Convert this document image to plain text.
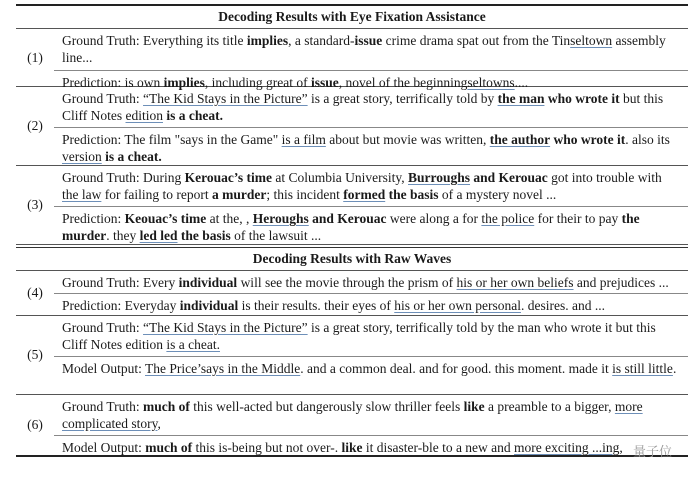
Decoding Results with Eye Fixation Assistance
(1)
Ground Truth: Everything its title implies, a standard-issue crime drama spat out from the Tinseltown assembly line...
Prediction: is own implies, including great of issue, novel of the beginningseltowns....
(2)
Ground Truth: “The Kid Stays in the Picture” is a great story, terrifically told by the man who wrote it but this Cliff Notes edition is a cheat.
Prediction: The film "says in the Game" is a film about but movie was written, the author who wrote it. also its version is a cheat.
(3)
Ground Truth: During Kerouac’s time at Columbia University, Burroughs and Kerouac got into trouble with the law for failing to report a murder; this incident formed the basis of a mystery novel ...
Prediction: Keouac’s time at the, , Heroughs and Kerouac were along a for the police for their to pay the murder. they led led the basis of the lawsuit ...
Decoding Results with Raw Waves
(4)
Ground Truth: Every individual will see the movie through the prism of his or her own beliefs and prejudices ...
Prediction: Everyday individual is their results. their eyes of his or her own personal. desires. and ...
(5)
Ground Truth: “The Kid Stays in the Picture” is a great story, terrifically told by the man who wrote it but this Cliff Notes edition is a cheat.
Model Output: The Price’says in the Middle. and a common deal. and for good. this moment. made it is still little.
(6)
Ground Truth: much of this well-acted but dangerously slow thriller feels like a preamble to a bigger, more complicated story,
Model Output: much of this is-being but not over-. like it disaster-ble to a new and more exciting ...ing, 量子位
